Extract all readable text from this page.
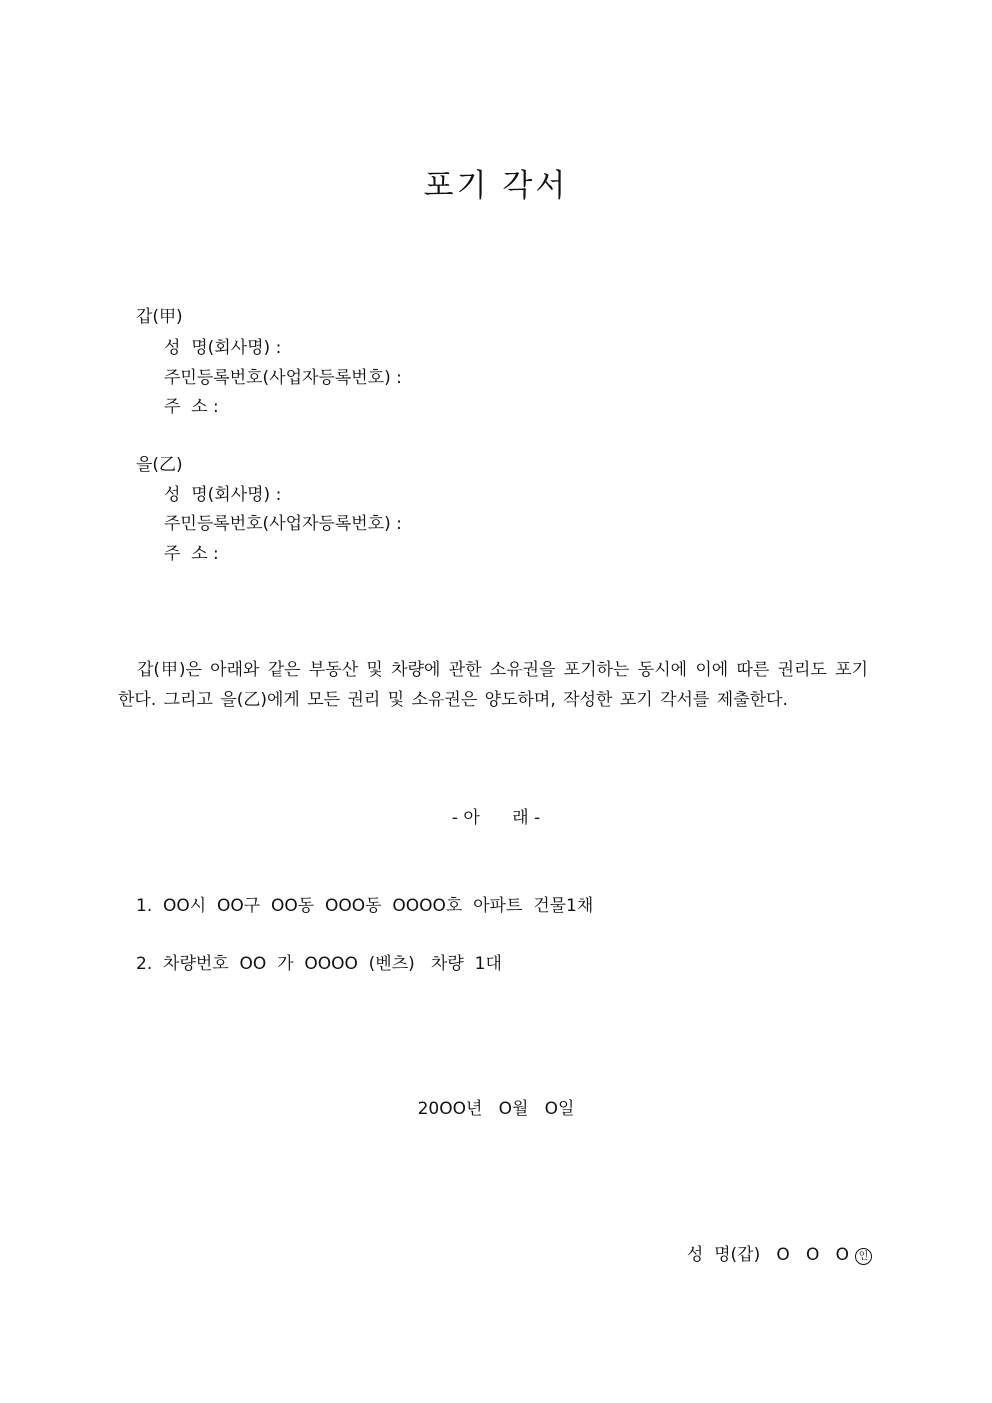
포기 각서
갑(甲)
성  명(회사명) :
주민등록번호(사업자등록번호) :
주  소 :
을(乙)
성  명(회사명) :
주민등록번호(사업자등록번호) :
주  소 :
갑(甲)은 아래와 같은 부동산 및 차량에 관한 소유권을 포기하는 동시에 이에 따른 권리도 포기한다. 그리고 을(乙)에게 모든 권리 및 소유권은 양도하며, 작성한 포기 각서를 제출한다.
- 아      래 -
1.  OO시  OO구  OO동  OOO동  OOOO호  아파트  건물1채
2.  차량번호  OO  가  OOOO  (벤츠)   차량  1대
20OO년   O월   O일
성  명(갑)   O   O   O 인
